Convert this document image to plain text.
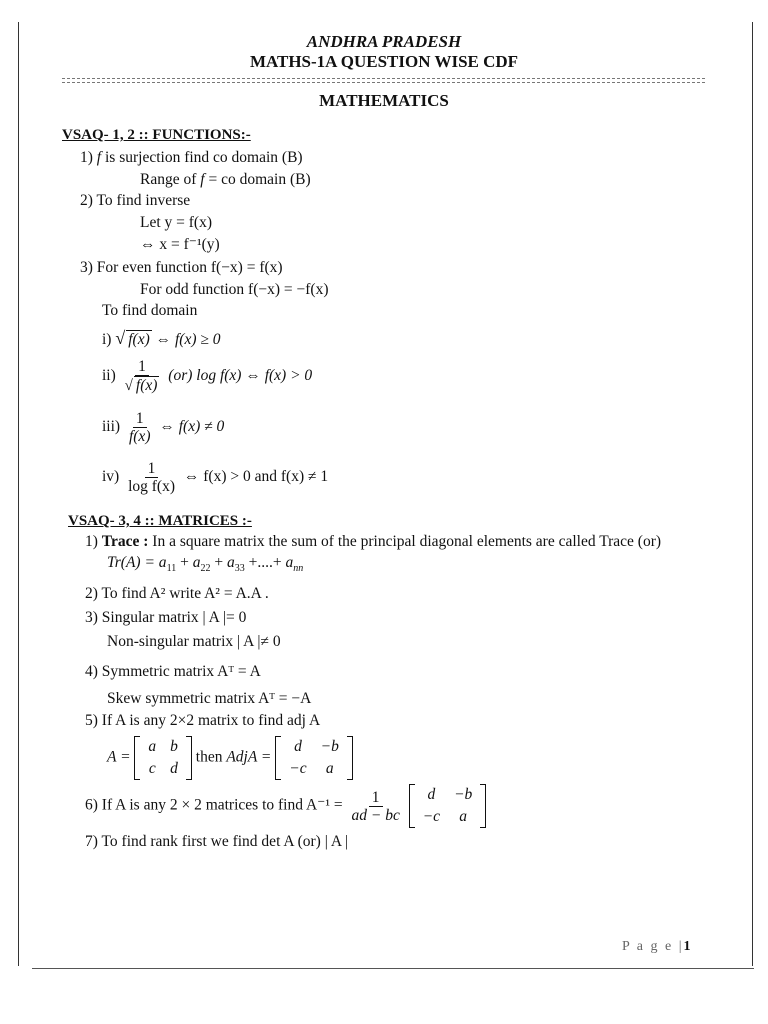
ANDHRA PRADESH
MATHS-1A QUESTION WISE CDF
MATHEMATICS
VSAQ- 1, 2 :: FUNCTIONS:-
1) f is surjection find co domain (B)
Range of f = co domain (B)
2) To find inverse
Let y = f(x)
⇔ x = f⁻¹(y)
3) For even function f(−x) = f(x)
For odd function f(−x) = −f(x)
To find domain
i) √ f(x) ⇔ f(x) ≥ 0
$ii) \frac{1}{√ f(x)} (or)$ log f(x) ⇔ f(x) > 0
$iii) \frac{1}{f(x)}$ ⇔ f(x) ≠ 0
$iv) \frac{1}{\text{log f(x)}}$ ⇔ f(x) > 0 and f(x) ≠ 1
VSAQ- 3, 4 :: MATRICES :-
1) Trace : In a square matrix the sum of the principal diagonal elements are called Trace (or)
$Tr(A) = a_{11} + a_{22} + a_{33}$ +....+ $a_{nn}$
2) To find A² write A² = A.A .
3) Singular matrix | A |= 0
Non-singular matrix | A |≠ 0
4) Symmetric matrix Aᵀ = A
Skew symmetric matrix Aᵀ = −A
5) If A is any 2×2 matrix to find adj A
A =
a	b
c	d
then AdjA =
d	−b
−c	a
6) If A is any 2 × 2 matrices to find $A^{-1} = \frac{1}{ad - bc}$
d	−b
−c	a
7) To find rank first we find det A (or) | A |
P a g e |1
